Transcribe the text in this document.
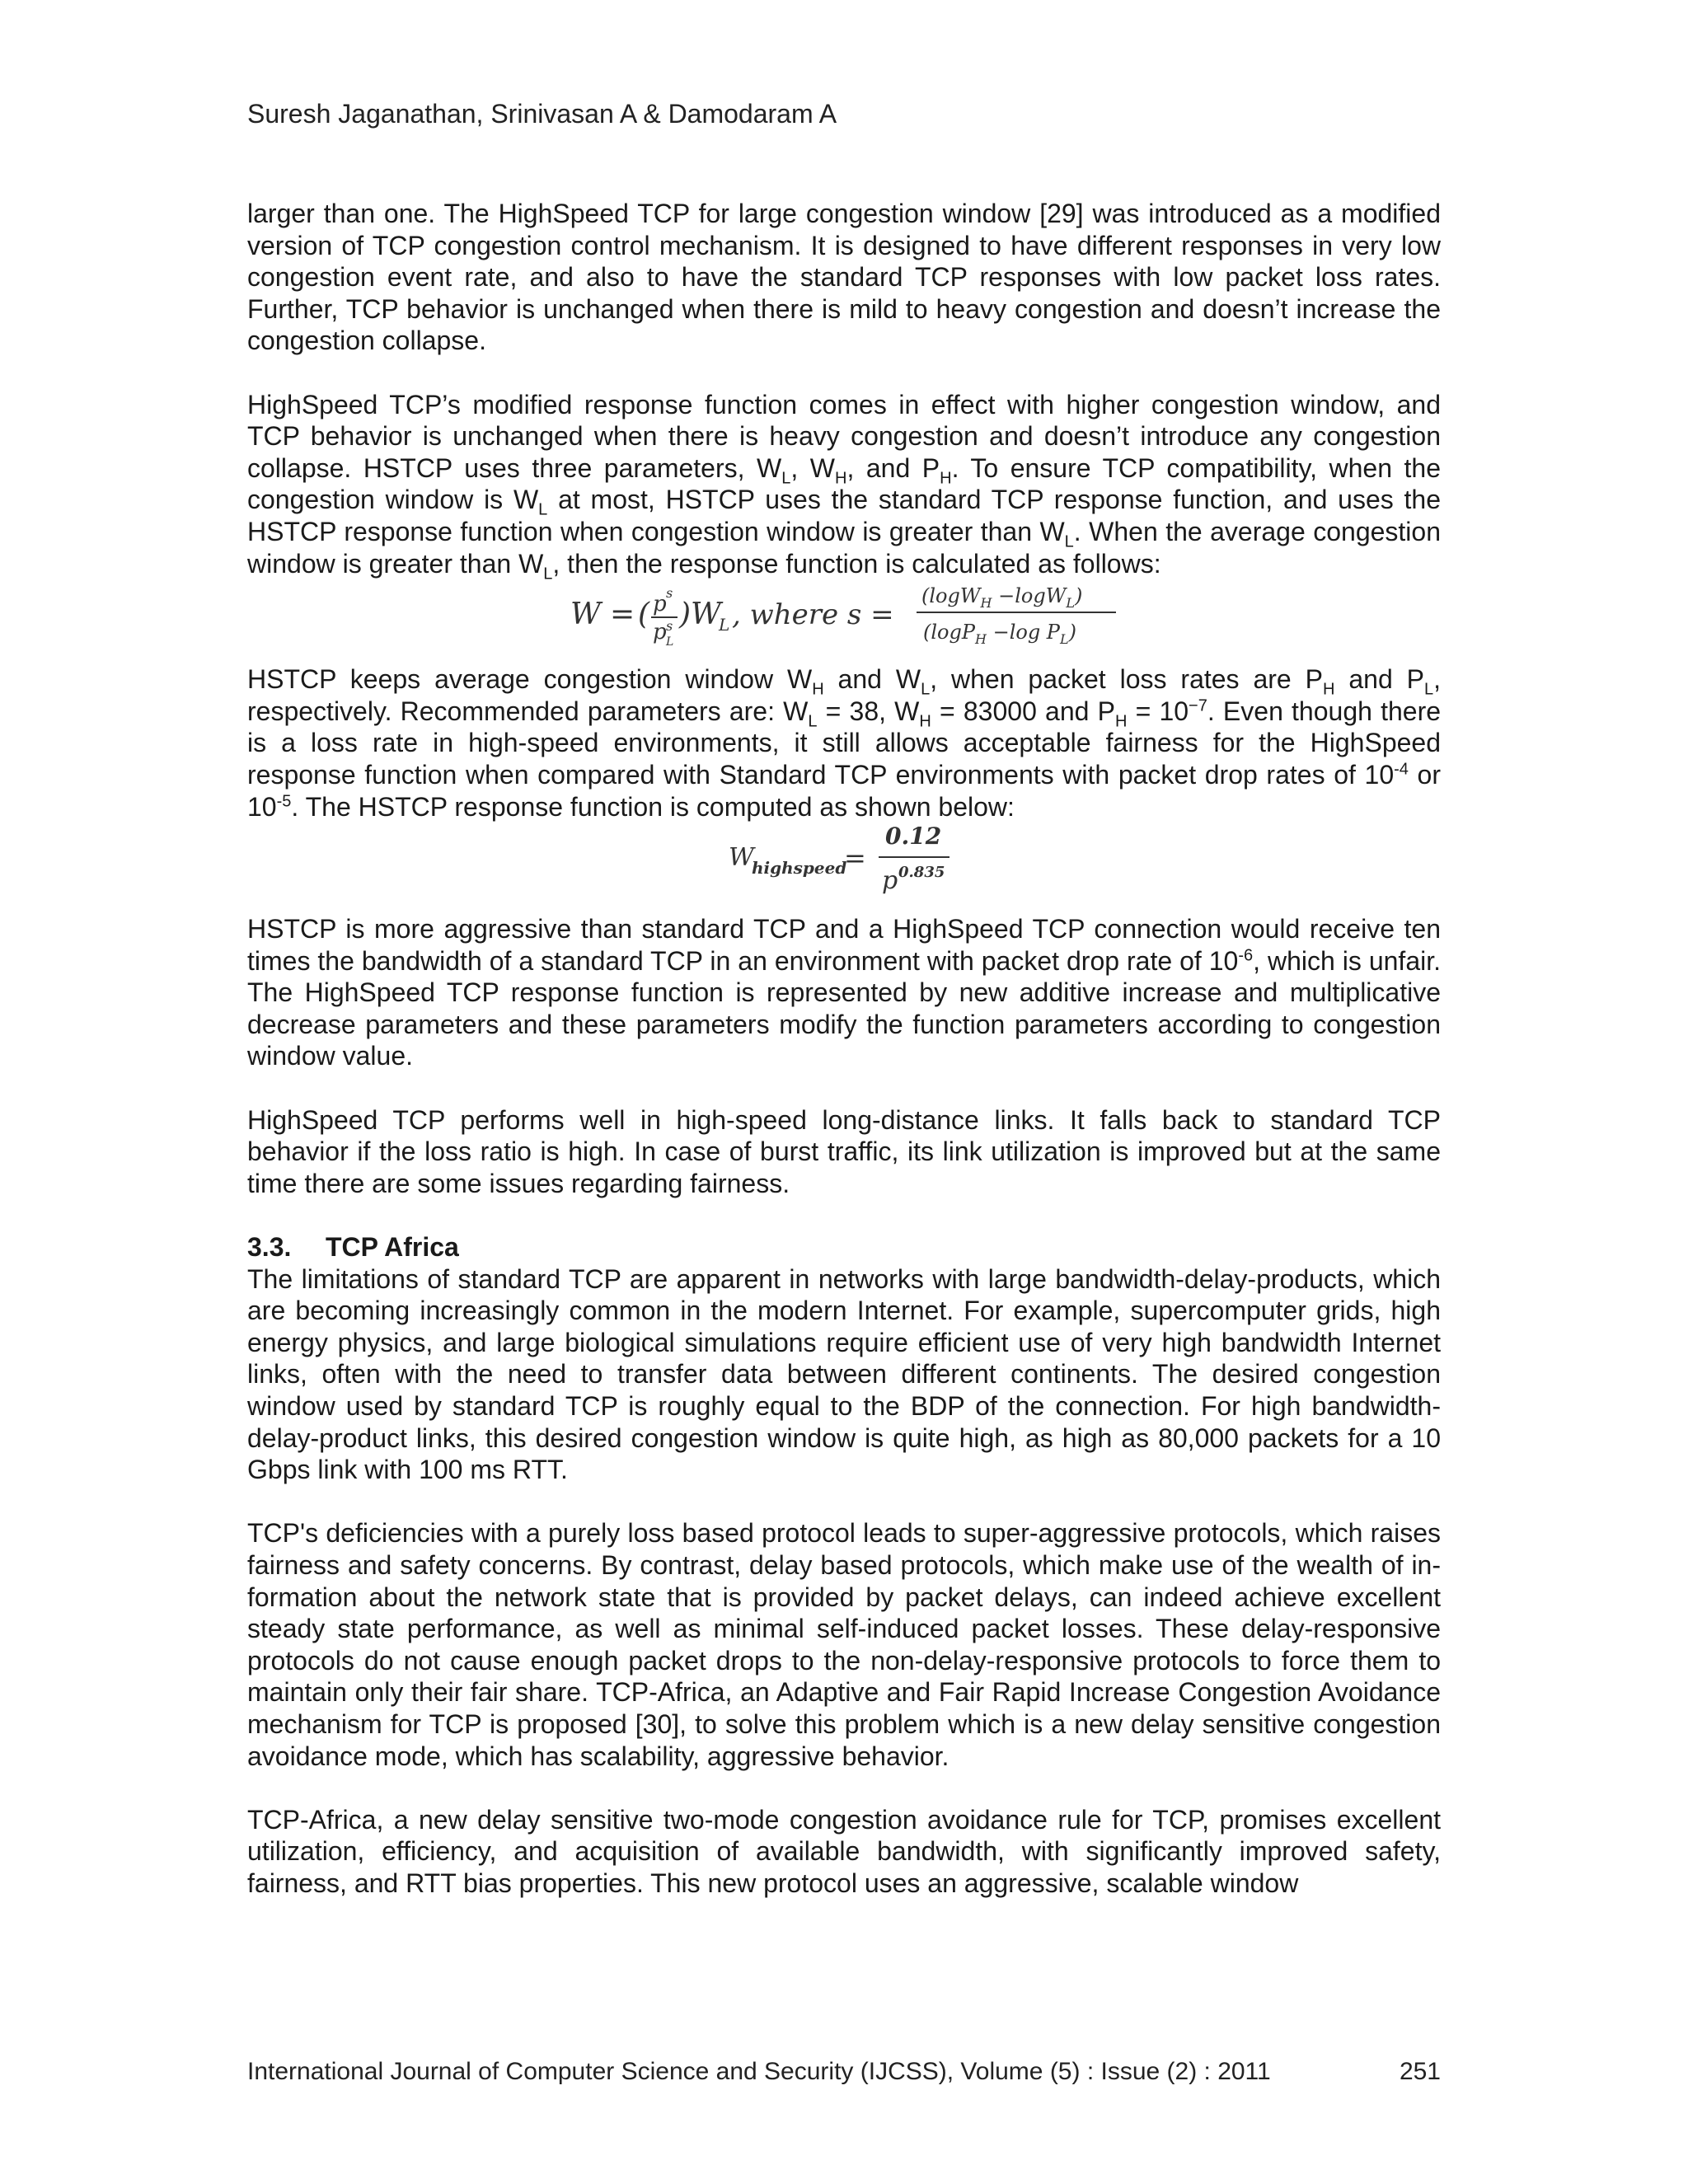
Suresh Jaganathan, Srinivasan A & Damodaram A

larger than one. The HighSpeed TCP for large congestion window [29] was introduced as a modified version of TCP congestion control mechanism. It is designed to have different responses in very low congestion event rate, and also to have the standard TCP responses with low packet loss rates. Further, TCP behavior is unchanged when there is mild to heavy congestion and doesn’t increase the congestion collapse.

HighSpeed TCP’s modified response function comes in effect with higher congestion window, and TCP behavior is unchanged when there is heavy congestion and doesn’t introduce any congestion collapse. HSTCP uses three parameters, $W_L$, $W_H$, and $P_H$. To ensure TCP compatibility, when the congestion window is $W_L$ at most, HSTCP uses the standard TCP response function, and uses the HSTCP response function when congestion window is greater than $W_L$. When the average congestion window is greater than $W_L$, then the response function is calculated as follows:

W = ( p s
p s
L
) W
L , where s =
(logW$_H$ −logW$_L$)
(logP$_H$ −log $P_L$)

HSTCP keeps average congestion window $W_H$ and $W_L$, when packet loss rates are $P_H$ and $P_L$, respectively. Recommended parameters are: $W_L = 38$, $W_H = 83000$ and $P_H = 10^{-7}$. Even though there is a loss rate in high-speed environments, it still allows acceptable fairness for the HighSpeed response function when compared with Standard TCP environments with packet drop rates of $10^{-4}$ or $10^{-5}$. The HSTCP response function is computed as shown below:

W
highspeed
=
0.12
p 0.835

HSTCP is more aggressive than standard TCP and a HighSpeed TCP connection would receive ten times the bandwidth of a standard TCP in an environment with packet drop rate of $10^{-6}$, which is unfair. The HighSpeed TCP response function is represented by new additive increase and multiplicative decrease parameters and these parameters modify the function parameters according to congestion window value.

HighSpeed TCP performs well in high-speed long-distance links. It falls back to standard TCP behavior if the loss ratio is high. In case of burst traffic, its link utilization is improved but at the same time there are some issues regarding fairness.

3.3. TCP Africa

The limitations of standard TCP are apparent in networks with large bandwidth-delay-products, which are becoming increasingly common in the modern Internet. For example, supercomputer grids, high energy physics, and large biological simulations require efficient use of very high bandwidth Internet links, often with the need to transfer data between different continents. The desired congestion window used by standard TCP is roughly equal to the BDP of the connection. For high bandwidth-delay-product links, this desired congestion window is quite high, as high as 80,000 packets for a 10 Gbps link with 100 ms RTT.

TCP's deficiencies with a purely loss based protocol leads to super-aggressive protocols, which raises fairness and safety concerns. By contrast, delay based protocols, which make use of the wealth of in-formation about the network state that is provided by packet delays, can indeed achieve excellent steady state performance, as well as minimal self-induced packet losses. These delay-responsive protocols do not cause enough packet drops to the non-delay-responsive protocols to force them to maintain only their fair share. TCP-Africa, an Adaptive and Fair Rapid Increase Congestion Avoidance mechanism for TCP is proposed [30], to solve this problem which is a new delay sensitive congestion avoidance mode, which has scalability, aggressive behavior.

TCP-Africa, a new delay sensitive two-mode congestion avoidance rule for TCP, promises excellent utilization, efficiency, and acquisition of available bandwidth, with significantly improved safety, fairness, and RTT bias properties. This new protocol uses an aggressive, scalable window

International Journal of Computer Science and Security (IJCSS), Volume (5) : Issue (2) : 2011	251
